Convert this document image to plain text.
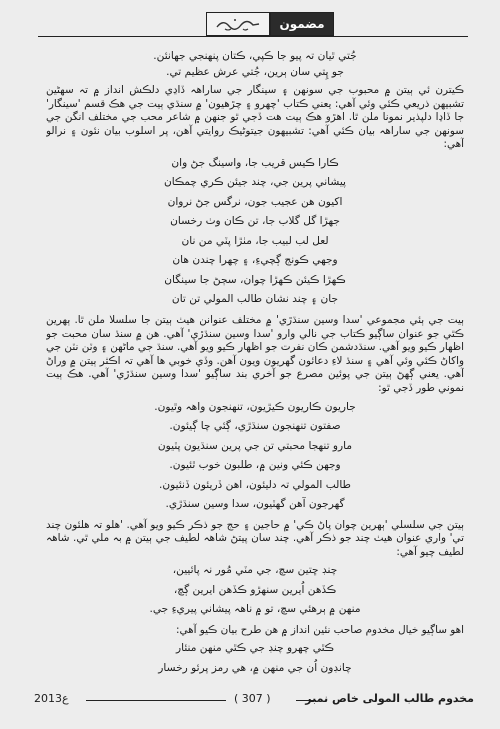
مضمون
جُتي ٿيان تہ پيو جا ڪپي، ڪتان پنهنجي جهانئن.
جو ڀِتي سان ٻرين، جُتي عرش عظيم تي.

ڪيترن ئي ٻيتن ۾ محبوب جي سونهن ۽ سينگار جي ساراهہ ڏاڍي دلڪش انداز ۾ تہ سهڻين تشبيهن ذريعي ڪئي وئي آهي: يعني ڪتاب 'چهرو ۽ چڙهيون' ۾ سنڌي ٻيت جي هڪ قسم 'سينگار' جا ڏاڍا دلپذير نمونا ملن ٿا. اهڙو هڪ ٻيت هت ڏجي ٿو جنهن ۾ شاعر محب جي مختلف انگن جي سونهن جي ساراهہ بيان ڪئي آهي: تشبيهون جيتوڻيڪ روايتي آهن، پر اسلوب بيان نئون ۽ نرالو آهي:

ڪارا ڪيس قريب جا، واسينگ جڻ وان
پيشاني پرين جي، چند جيئن ڪري چمڪان
اکيون هن عجيب جون، نرگس جڻ نروان
جهڙا گل گلاب جا، تن ڪان وٺ رخسان
لعل لب لبيب جا، مٺڙا پٽي من نان
وجهي ڪونج ڳچيءِ، ۽ چهرا چندن هان
ڪهڙا ڪيئن ڪهڙا چوان، سڄڻ جا سينگان
جان ۽ چند نشان طالب المولي تن تان

ٻيت جي ٻئي مجموعي 'سدا وسين سنڌڙي' ۾ مختلف عنوانن هيٺ ٻيتن جا سلسلا ملن ٿا. ٻهرين ڪٿي جو عنوان ساڳيو ڪتاب جي نالي وارو 'سدا وسين سنڌڙي' آهي. هن ۾ سنڌ سان محبت جو اظهار ڪيو ويو آهي. سنڌدشمن ڪان نفرت جو اظهار ڪيو ويو آهي. سنڌ جي ماڻهن ۽ وٽن نٽن جي واکاڻ ڪئي وئي آهي ۽ سنڌ لاءِ دعائون گهريون ويون آهن. وڏي خوبي ها آهي تہ اڪثر ٻيتن ۾ وراڻ آهي. يعني ڳهڻ ٻيتن جي پوئين مصرع جو آخري بند ساڳيو 'سدا وسين سنڌڙي' آهي. هڪ ٻيت نموني طور ڏجي ٿو:

جاريون ڪاريون ڪيڙيون، تنهنجون واهہ وٿيون.
صفتون تنهنجون سنڌڙي، ڳئي چا ڳيئون.
مارو تنهجا محبتي تن جي پرين سنڌيون پٽيون
وجهن ڪئي ونين ۾، طلبون خوب ٿئيون.
طالب المولي تہ دليئون، اهن ڏريئون ڏنئيون.
گهرجون آهن گهٽيون، سدا وسين سنڌڙي.

ٻيتن جي سلسلي 'ٻهرين چوان پاڻ ڪي' ۾ حاجين ۽ حج جو ذڪر ڪيو ويو آهي. 'هلو تہ هلئون چند تي' واري عنوان هيٺ چند جو ذڪر آهي. چند سان پيتڻ شاهہ لطيف جي ٻيتن ۾ بہ ملي ٿي. شاهہ لطيف چيو آهي:

چنڊ ڇتين سچ، جي مٽي مُور نہ پائيين،
ڪڏهن اُيرين سنهڙو ڪڏهن ايرين ڳچ،
منهن ۾ ٻرهئي سچ، تو ۾ ناهہ پيشاني پيريءِ جي.

اهو ساڳيو خيال مخدوم صاحب نئين انداز ۾ هن طرح بيان ڪيو آهي:

ڪٿي چهرو چنڊ جي ڪٿي منهن منئار
چانڊون اُن جي منهن ۾، هي رمز پرئو رخسار
2013ع	( 307 )	مخدوم طالب المولى خاص نمبر
